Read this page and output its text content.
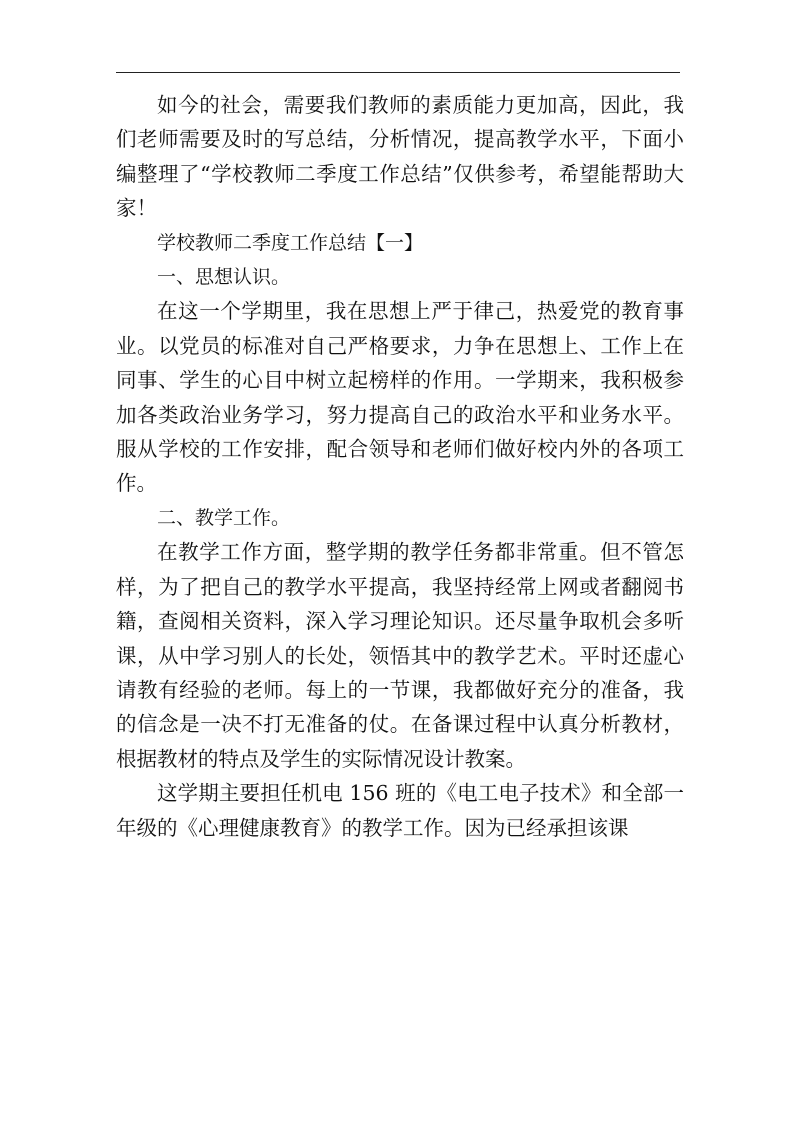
如今的社会，需要我们教师的素质能力更加高，因此，我们老师需要及时的写总结，分析情况，提高教学水平，下面小编整理了“学校教师二季度工作总结”仅供参考，希望能帮助大家！

学校教师二季度工作总结【一】

一、思想认识。

在这一个学期里，我在思想上严于律己，热爱党的教育事业。以党员的标准对自己严格要求，力争在思想上、工作上在同事、学生的心目中树立起榜样的作用。一学期来，我积极参加各类政治业务学习，努力提高自己的政治水平和业务水平。服从学校的工作安排，配合领导和老师们做好校内外的各项工作。

二、教学工作。

在教学工作方面，整学期的教学任务都非常重。但不管怎样，为了把自己的教学水平提高，我坚持经常上网或者翻阅书籍，查阅相关资料，深入学习理论知识。还尽量争取机会多听课，从中学习别人的长处，领悟其中的教学艺术。平时还虚心请教有经验的老师。每上的一节课，我都做好充分的准备，我的信念是一决不打无准备的仗。在备课过程中认真分析教材，根据教材的特点及学生的实际情况设计教案。

这学期主要担任机电 156 班的《电工电子技术》和全部一年级的《心理健康教育》的教学工作。因为已经承担该课
